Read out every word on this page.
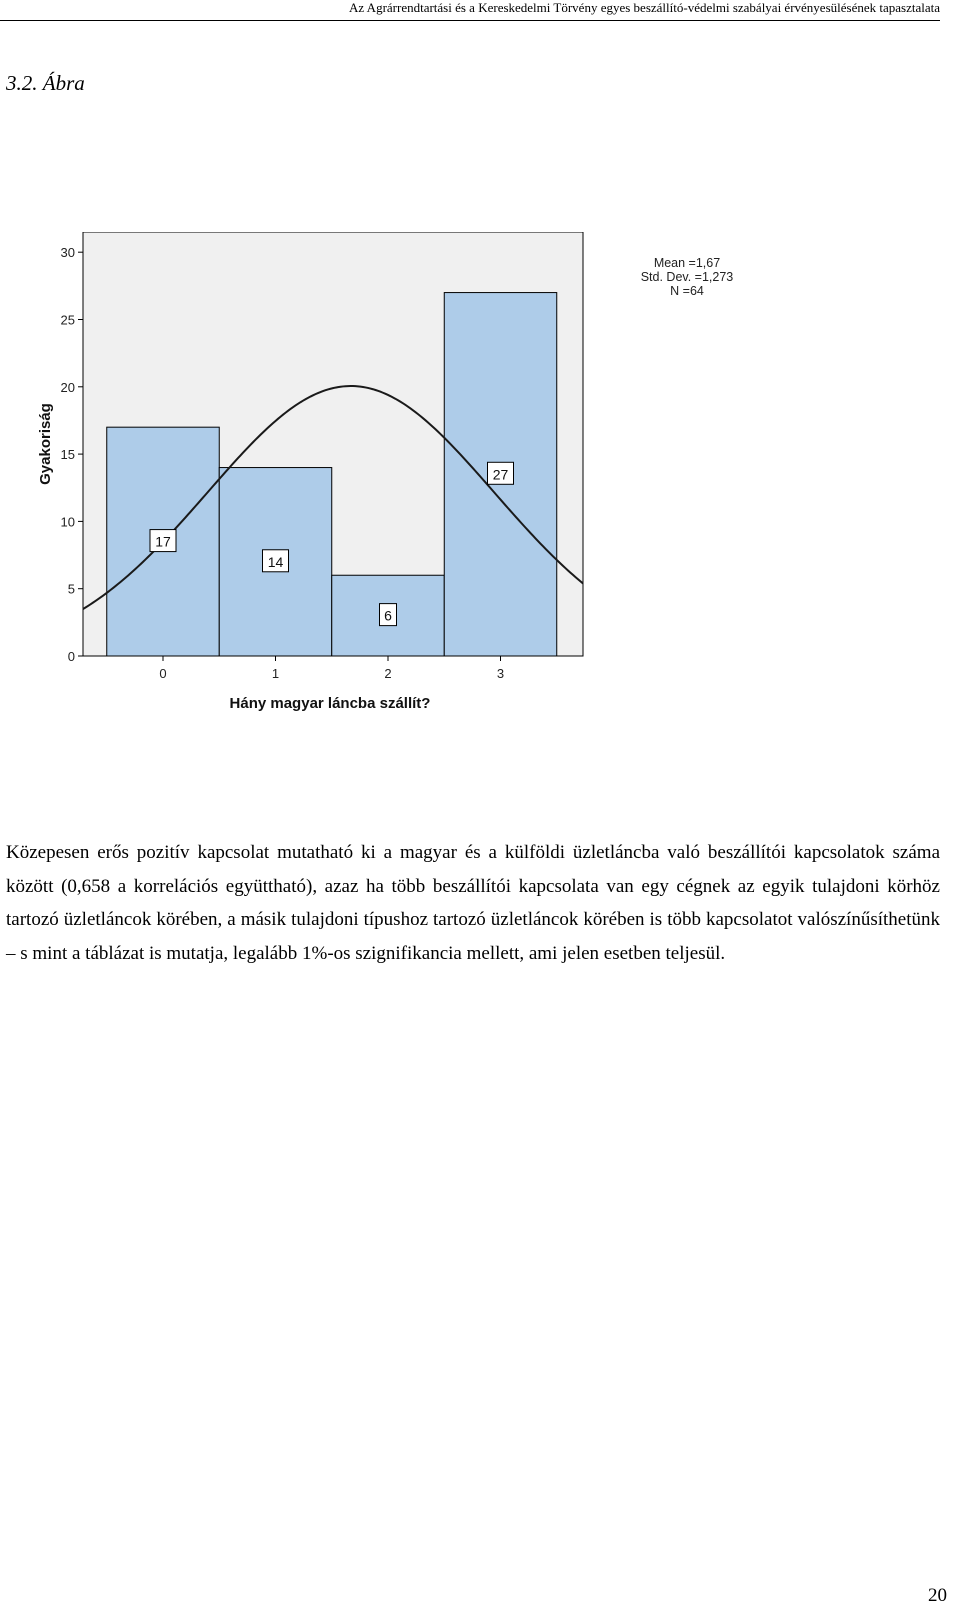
Az Agrárrendtartási és a Kereskedelmi Törvény egyes beszállító-védelmi szabályai érvényesülésének tapasztalata
3.2. Ábra
17
14
6
27
0
5
10
15
20
25
30
0	1	2	3
Gyakoriság
Hány magyar láncba szállít?
Mean =1,67
Std. Dev. =1,273
N =64
Közepesen erős pozitív kapcsolat mutatható ki a magyar és a külföldi üzletláncba való beszállítói kapcsolatok száma között (0,658 a korrelációs együttható), azaz ha több beszállítói kapcsolata van egy cégnek az egyik tulajdoni körhöz tartozó üzletláncok körében, a másik tulajdoni típushoz tartozó üzletláncok körében is több kapcsolatot valószínűsíthetünk – s mint a táblázat is mutatja, legalább 1%-os szignifikancia mellett, ami jelen esetben teljesül.
20
